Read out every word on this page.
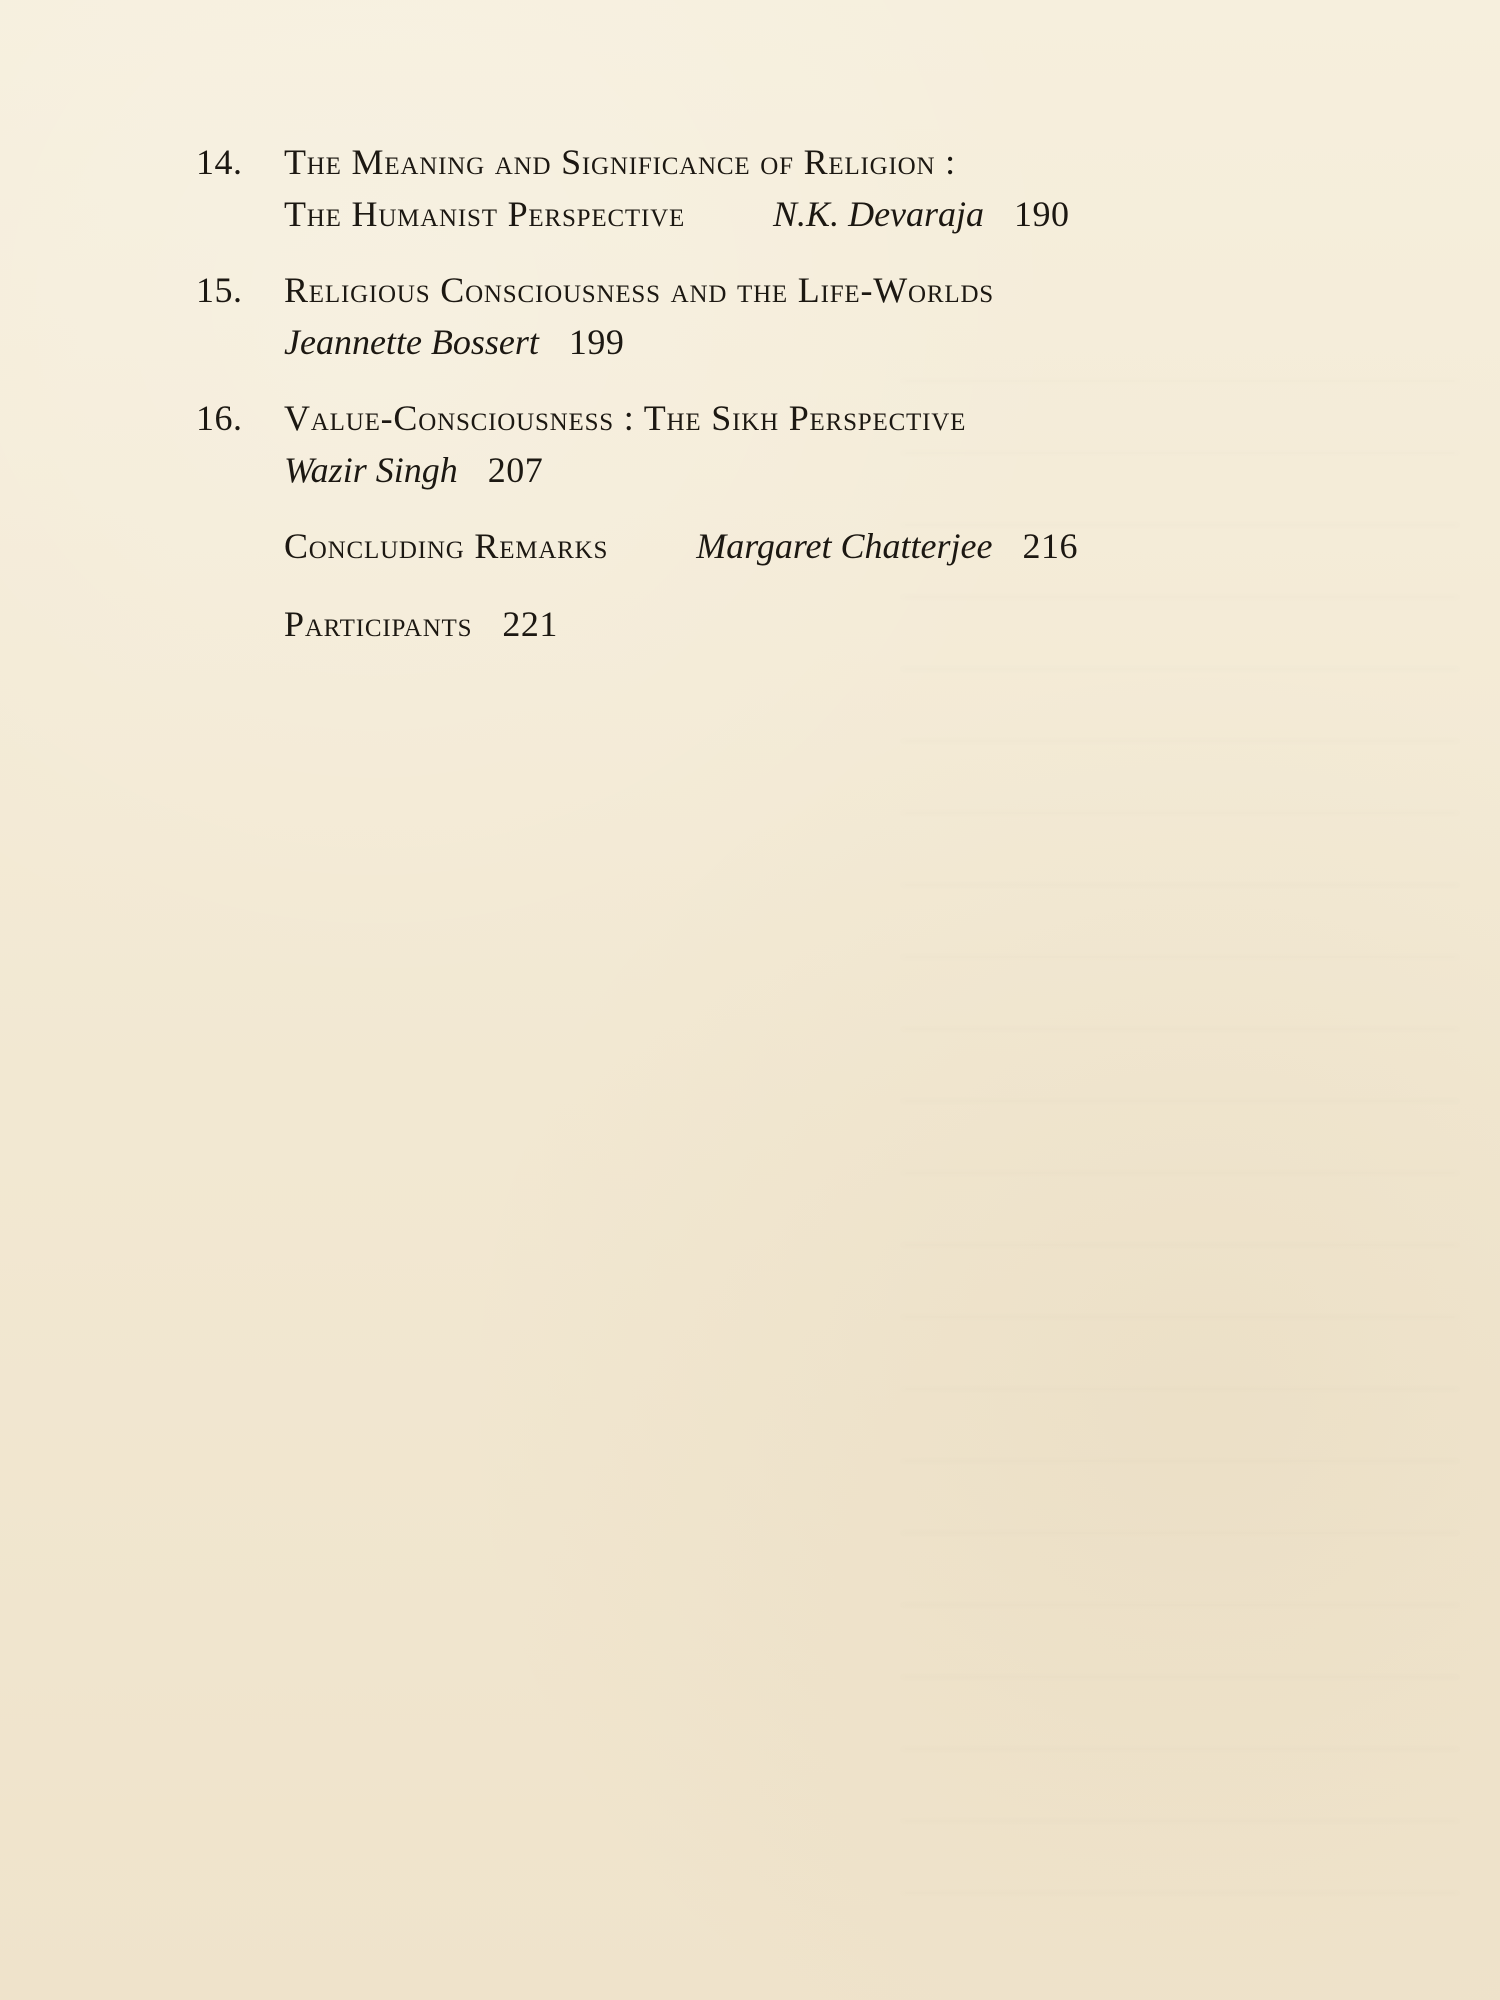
14.	The Meaning and Significance of Religion :
The Humanist Perspective N.K. Devaraja 190
15.	Religious Consciousness and the Life-Worlds
Jeannette Bossert 199
16.	Value-Consciousness : The Sikh Perspective
Wazir Singh 207
Concluding Remarks Margaret Chatterjee 216
Participants 221
